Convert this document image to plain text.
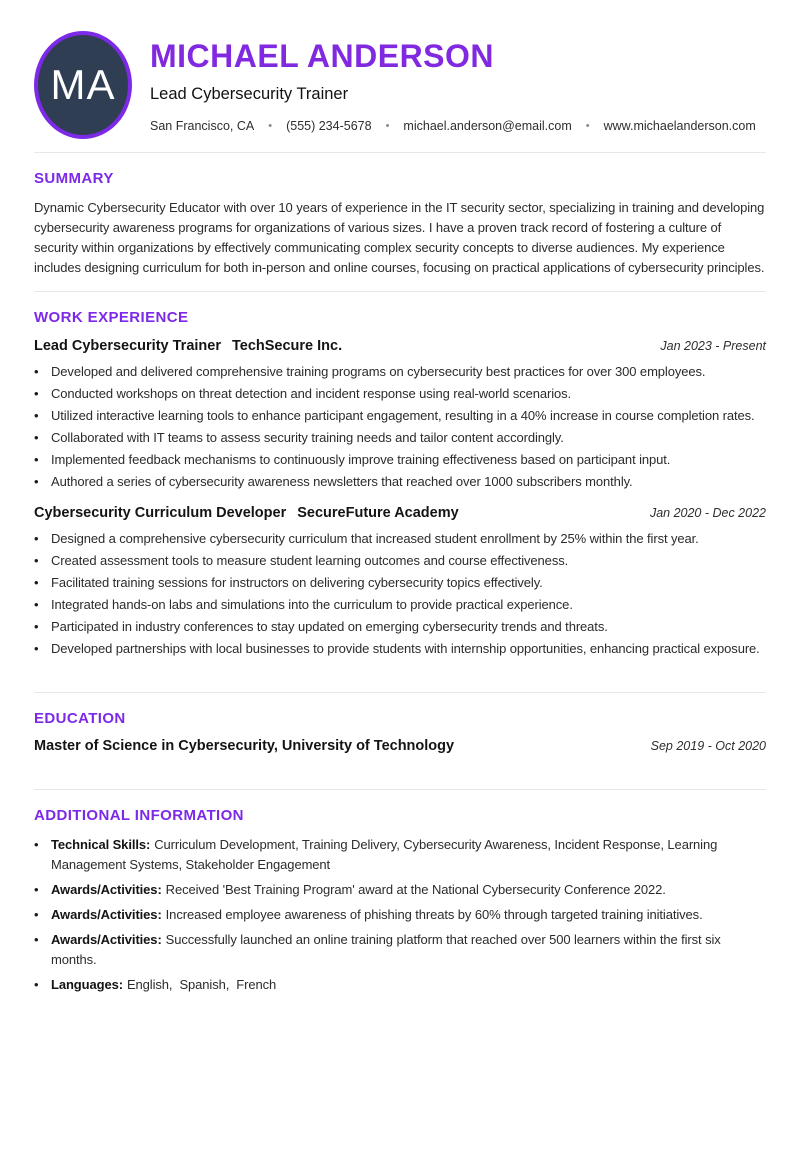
MA
MICHAEL ANDERSON
Lead Cybersecurity Trainer
San Francisco, CA • (555) 234-5678 • michael.anderson@email.com • www.michaelanderson.com
SUMMARY

Dynamic Cybersecurity Educator with over 10 years of experience in the IT security sector, specializing in training and developing cybersecurity awareness programs for organizations of various sizes. I have a proven track record of fostering a culture of security within organizations by effectively communicating complex security concepts to diverse audiences. My experience includes designing curriculum for both in-person and online courses, focusing on practical applications of cybersecurity principles.

WORK EXPERIENCE
Lead Cybersecurity Trainer TechSecure Inc.	Jan 2023 - Present
• Developed and delivered comprehensive training programs on cybersecurity best practices for over 300 employees.
• Conducted workshops on threat detection and incident response using real-world scenarios.
• Utilized interactive learning tools to enhance participant engagement, resulting in a 40% increase in course completion rates.
• Collaborated with IT teams to assess security training needs and tailor content accordingly.
• Implemented feedback mechanisms to continuously improve training effectiveness based on participant input.
• Authored a series of cybersecurity awareness newsletters that reached over 1000 subscribers monthly.
Cybersecurity Curriculum Developer SecureFuture Academy	Jan 2020 - Dec 2022
• Designed a comprehensive cybersecurity curriculum that increased student enrollment by 25% within the first year.
• Created assessment tools to measure student learning outcomes and course effectiveness.
• Facilitated training sessions for instructors on delivering cybersecurity topics effectively.
• Integrated hands-on labs and simulations into the curriculum to provide practical experience.
• Participated in industry conferences to stay updated on emerging cybersecurity trends and threats.
• Developed partnerships with local businesses to provide students with internship opportunities, enhancing practical exposure.
EDUCATION
Master of Science in Cybersecurity, University of Technology	Sep 2019 - Oct 2020
ADDITIONAL INFORMATION
• Technical Skills: Curriculum Development, Training Delivery, Cybersecurity Awareness, Incident Response, Learning Management Systems, Stakeholder Engagement
• Awards/Activities: Received 'Best Training Program' award at the National Cybersecurity Conference 2022.
• Awards/Activities: Increased employee awareness of phishing threats by 60% through targeted training initiatives.
• Awards/Activities: Successfully launched an online training platform that reached over 500 learners within the first six months.
• Languages: English,  Spanish,  French
